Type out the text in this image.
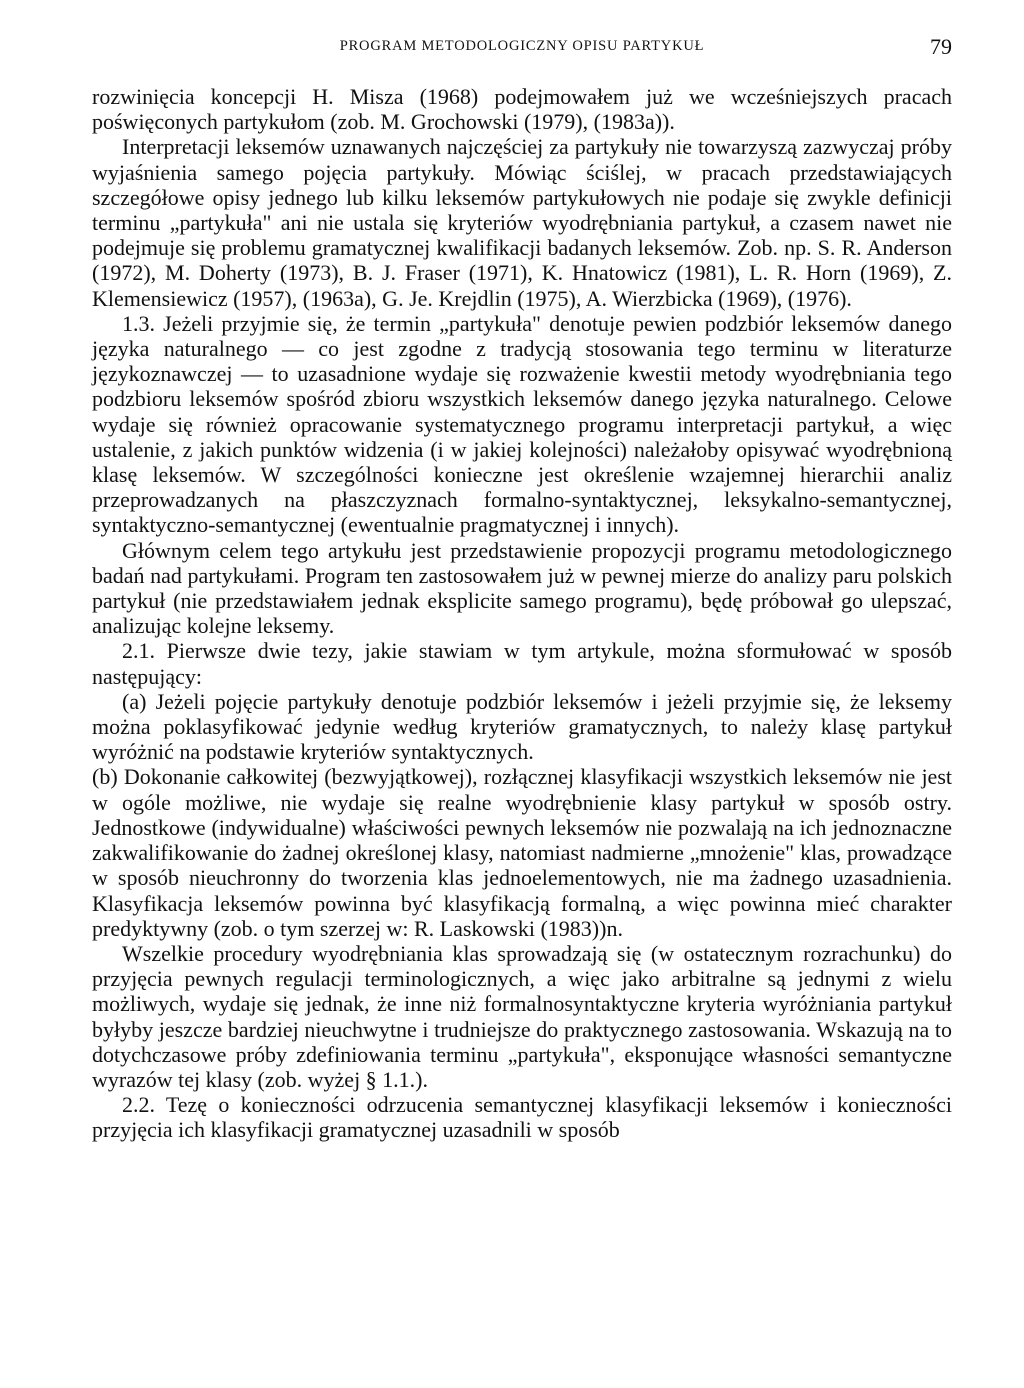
PROGRAM METODOLOGICZNY OPISU PARTYKUŁ	79

rozwinięcia koncepcji H. Misza (1968) podejmowałem już we wcześniejszych pracach poświęconych partykułom (zob. M. Grochowski (1979), (1983a)).

Interpretacji leksemów uznawanych najczęściej za partykuły nie towarzyszą zazwyczaj próby wyjaśnienia samego pojęcia partykuły. Mówiąc ściślej, w pracach przedstawiających szczegółowe opisy jednego lub kilku leksemów partykułowych nie podaje się zwykle definicji terminu „partykuła" ani nie ustala się kryteriów wyodrębniania partykuł, a czasem nawet nie podejmuje się problemu gramatycznej kwalifikacji badanych leksemów. Zob. np. S. R. Anderson (1972), M. Doherty (1973), B. J. Fraser (1971), K. Hnatowicz (1981), L. R. Horn (1969), Z. Klemensiewicz (1957), (1963a), G. Je. Krejdlin (1975), A. Wierzbicka (1969), (1976).

1.3. Jeżeli przyjmie się, że termin „partykuła" denotuje pewien podzbiór leksemów danego języka naturalnego — co jest zgodne z tradycją stosowania tego terminu w literaturze językoznawczej — to uzasadnione wydaje się rozważenie kwestii metody wyodrębniania tego podzbioru leksemów spośród zbioru wszystkich leksemów danego języka naturalnego. Celowe wydaje się również opracowanie systematycznego programu interpretacji partykuł, a więc ustalenie, z jakich punktów widzenia (i w jakiej kolejności) należałoby opisywać wyodrębnioną klasę leksemów. W szczególności konieczne jest określenie wzajemnej hierarchii analiz przeprowadzanych na płaszczyznach formalno-syntaktycznej, leksykalno-semantycznej, syntaktyczno-semantycznej (ewentualnie pragmatycznej i innych).

Głównym celem tego artykułu jest przedstawienie propozycji programu metodologicznego badań nad partykułami. Program ten zastosowałem już w pewnej mierze do analizy paru polskich partykuł (nie przedstawiałem jednak eksplicite samego programu), będę próbował go ulepszać, analizując kolejne leksemy.

2.1. Pierwsze dwie tezy, jakie stawiam w tym artykule, można sformułować w sposób następujący:

(a) Jeżeli pojęcie partykuły denotuje podzbiór leksemów i jeżeli przyjmie się, że leksemy można poklasyfikować jedynie według kryteriów gramatycznych, to należy klasę partykuł wyróżnić na podstawie kryteriów syntaktycznych.

(b) Dokonanie całkowitej (bezwyjątkowej), rozłącznej klasyfikacji wszystkich leksemów nie jest w ogóle możliwe, nie wydaje się realne wyodrębnienie klasy partykuł w sposób ostry. Jednostkowe (indywidualne) właściwości pewnych leksemów nie pozwalają na ich jednoznaczne zakwalifikowanie do żadnej określonej klasy, natomiast nadmierne „mnożenie" klas, prowadzące w sposób nieuchronny do tworzenia klas jednoelementowych, nie ma żadnego uzasadnienia. Klasyfikacja leksemów powinna być klasyfikacją formalną, a więc powinna mieć charakter predyktywny (zob. o tym szerzej w: R. Laskowski (1983))n.

Wszelkie procedury wyodrębniania klas sprowadzają się (w ostatecznym rozrachunku) do przyjęcia pewnych regulacji terminologicznych, a więc jako arbitralne są jednymi z wielu możliwych, wydaje się jednak, że inne niż formalnosyntaktyczne kryteria wyróżniania partykuł byłyby jeszcze bardziej nieuchwytne i trudniejsze do praktycznego zastosowania. Wskazują na to dotychczasowe próby zdefiniowania terminu „partykuła", eksponujące własności semantyczne wyrazów tej klasy (zob. wyżej § 1.1.).

2.2. Tezę o konieczności odrzucenia semantycznej klasyfikacji leksemów i konieczności przyjęcia ich klasyfikacji gramatycznej uzasadnili w sposób
